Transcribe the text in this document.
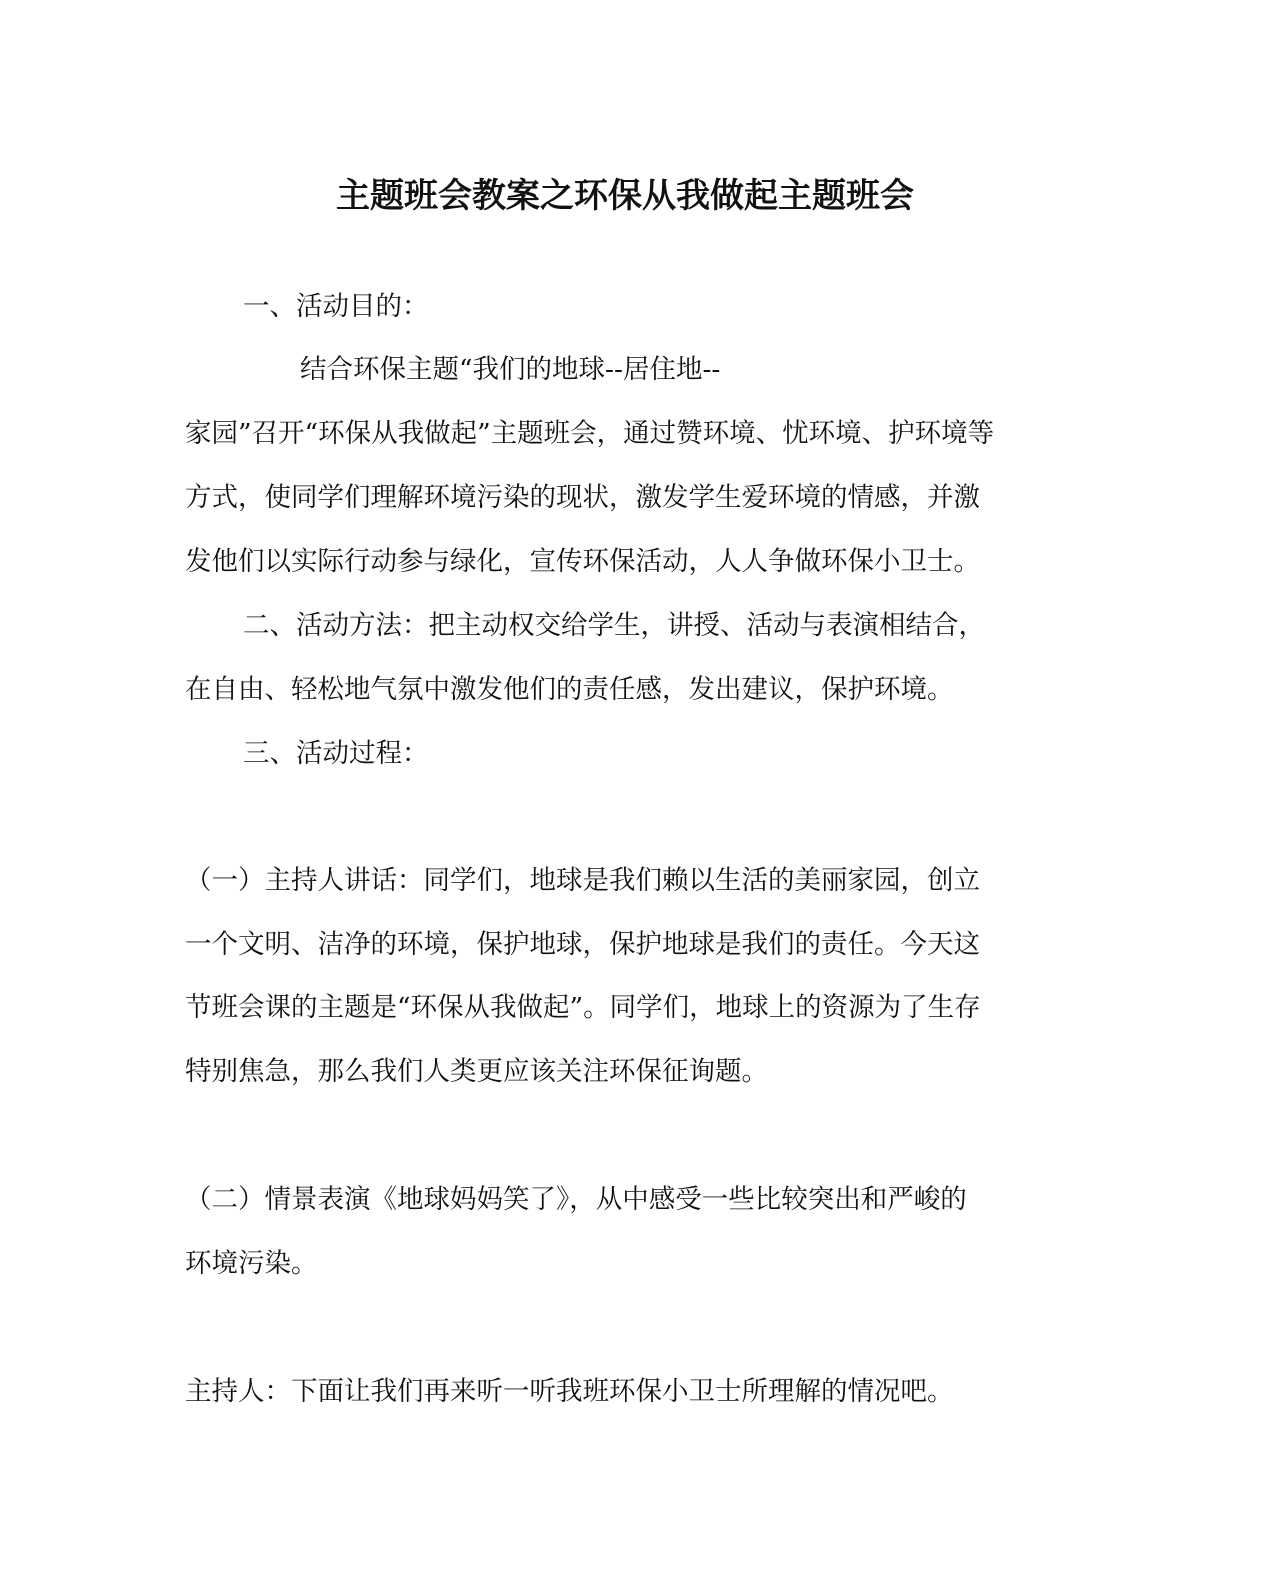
主题班会教案之环保从我做起主题班会
一、活动目的：
结合环保主题“我们的地球--居住地--
家园”召开“环保从我做起”主题班会，通过赞环境、忧环境、护环境等
方式，使同学们理解环境污染的现状，激发学生爱环境的情感，并激
发他们以实际行动参与绿化，宣传环保活动，人人争做环保小卫士。
二、活动方法：把主动权交给学生，讲授、活动与表演相结合，
在自由、轻松地气氛中激发他们的责任感，发出建议，保护环境。
三、活动过程：
（一）主持人讲话：同学们，地球是我们赖以生活的美丽家园，创立
一个文明、洁净的环境，保护地球，保护地球是我们的责任。今天这
节班会课的主题是“环保从我做起”。同学们，地球上的资源为了生存
特别焦急，那么我们人类更应该关注环保征询题。
（二）情景表演《地球妈妈笑了》，从中感受一些比较突出和严峻的
环境污染。
主持人：下面让我们再来听一听我班环保小卫士所理解的情况吧。
